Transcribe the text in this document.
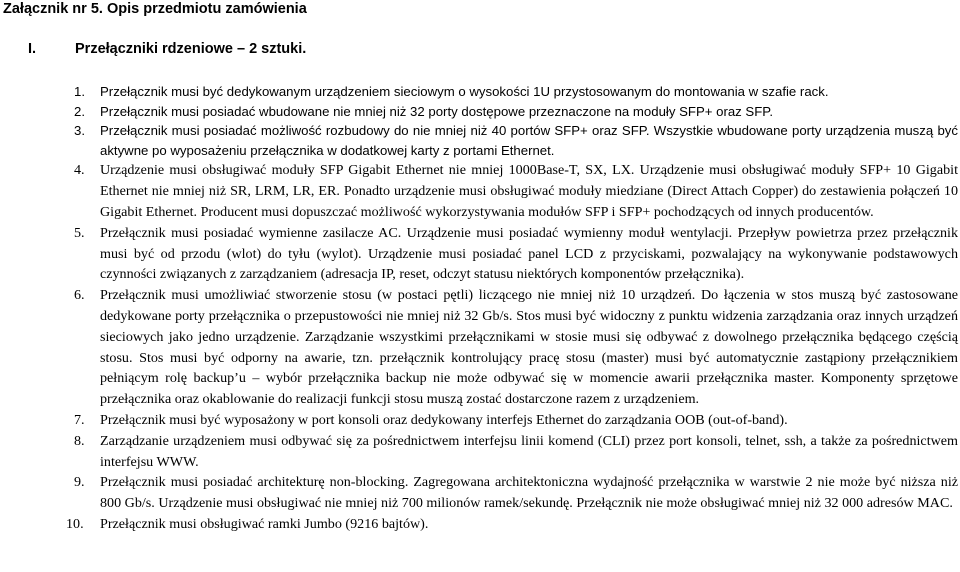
Załącznik nr 5. Opis przedmiotu zamówienia
I.	Przełączniki rdzeniowe – 2 sztuki.
1. Przełącznik musi być dedykowanym urządzeniem sieciowym o wysokości 1U przystosowanym do montowania w szafie rack.
2. Przełącznik musi posiadać wbudowane nie mniej niż 32 porty dostępowe przeznaczone na moduły SFP+ oraz SFP.
3. Przełącznik musi posiadać możliwość rozbudowy do nie mniej niż 40 portów SFP+ oraz SFP. Wszystkie wbudowane porty urządzenia muszą być aktywne po wyposażeniu przełącznika w dodatkowej karty z portami Ethernet.
4. Urządzenie musi obsługiwać moduły SFP Gigabit Ethernet nie mniej 1000Base-T, SX, LX. Urządzenie musi obsługiwać moduły SFP+ 10 Gigabit Ethernet nie mniej niż SR, LRM, LR, ER. Ponadto urządzenie musi obsługiwać moduły miedziane (Direct Attach Copper) do zestawienia połączeń 10 Gigabit Ethernet. Producent musi dopuszczać możliwość wykorzystywania modułów SFP i SFP+ pochodzących od innych producentów.
5. Przełącznik musi posiadać wymienne zasilacze AC. Urządzenie musi posiadać wymienny moduł wentylacji. Przepływ powietrza przez przełącznik musi być od przodu (wlot) do tyłu (wylot). Urządzenie musi posiadać panel LCD z przyciskami, pozwalający na wykonywanie podstawowych czynności związanych z zarządzaniem (adresacja IP, reset, odczyt statusu niektórych komponentów przełącznika).
6. Przełącznik musi umożliwiać stworzenie stosu (w postaci pętli) liczącego nie mniej niż 10 urządzeń. Do łączenia w stos muszą być zastosowane dedykowane porty przełącznika o przepustowości nie mniej niż 32 Gb/s. Stos musi być widoczny z punktu widzenia zarządzania oraz innych urządzeń sieciowych jako jedno urządzenie. Zarządzanie wszystkimi przełącznikami w stosie musi się odbywać z dowolnego przełącznika będącego częścią stosu. Stos musi być odporny na awarie, tzn. przełącznik kontrolujący pracę stosu (master) musi być automatycznie zastąpiony przełącznikiem pełniącym rolę backup’u – wybór przełącznika backup nie może odbywać się w momencie awarii przełącznika master. Komponenty sprzętowe przełącznika oraz okablowanie do realizacji funkcji stosu muszą zostać dostarczone razem z urządzeniem.
7. Przełącznik musi być wyposażony w port konsoli oraz dedykowany interfejs Ethernet do zarządzania OOB (out-of-band).
8. Zarządzanie urządzeniem musi odbywać się za pośrednictwem interfejsu linii komend (CLI) przez port konsoli, telnet, ssh, a także za pośrednictwem interfejsu WWW.
9. Przełącznik musi posiadać architekturę non-blocking. Zagregowana architektoniczna wydajność przełącznika w warstwie 2 nie może być niższa niż 800 Gb/s. Urządzenie musi obsługiwać nie mniej niż 700 milionów ramek/sekundę. Przełącznik nie może obsługiwać mniej niż 32 000 adresów MAC.
10. Przełącznik musi obsługiwać ramki Jumbo (9216 bajtów).
